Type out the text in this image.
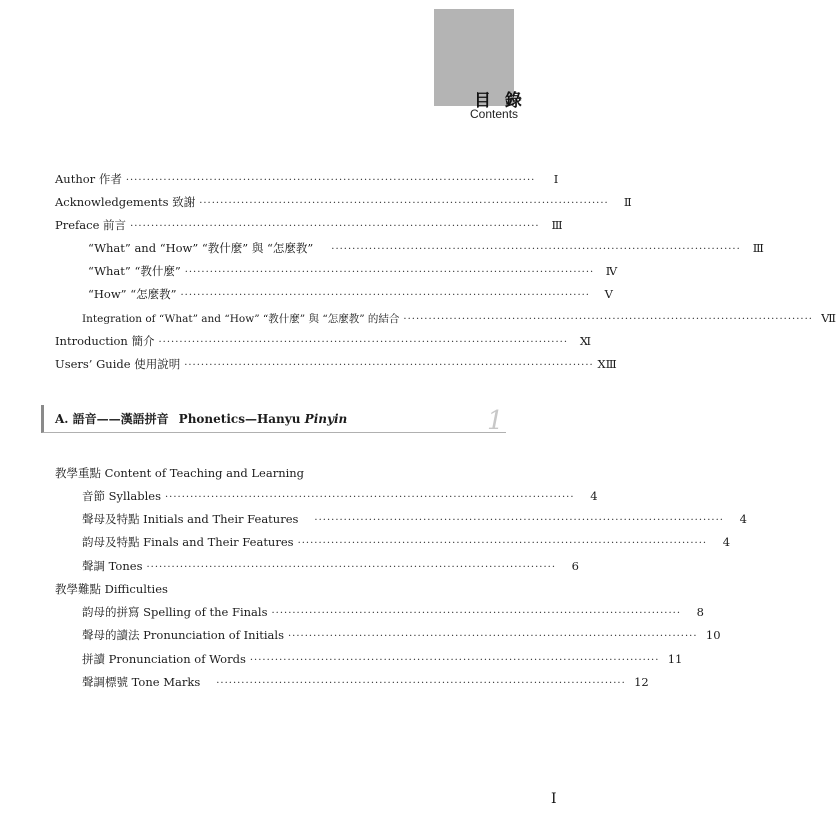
目 錄
Contents
Author 作者 ··································································································	Ⅰ
Acknowledgements 致謝 ··································································································	Ⅱ
Preface 前言 ··································································································	Ⅲ
“What” and “How” “教什麼” 與 “怎麼教”	··································································································	Ⅲ
“What” “教什麼” ··································································································	Ⅳ
“How” “怎麼教” ··································································································	Ⅴ
Integration of “What” and “How” “教什麼” 與 “怎麼教” 的結合 ·································································································· Ⅶ
Introduction 簡介 ··································································································	Ⅺ
Users’ Guide 使用說明 ·································································································· ⅩⅢ
A. 語音——漢語拼音 Phonetics—Hanyu Pinyin	1
教學重點 Content of Teaching and Learning
音節 Syllables ··································································································	4
聲母及特點 Initials and Their Features	··································································································	4
韵母及特點 Finals and Their Features ··································································································	4
聲調 Tones ··································································································	6
教學難點 Difficulties
韵母的拼寫 Spelling of the Finals ··································································································	8
聲母的讀法 Pronunciation of Initials ·································································································· 10
拼讀 Pronunciation of Words ·································································································· 11
聲調標號 Tone Marks	·································································································· 12
Ⅰ
